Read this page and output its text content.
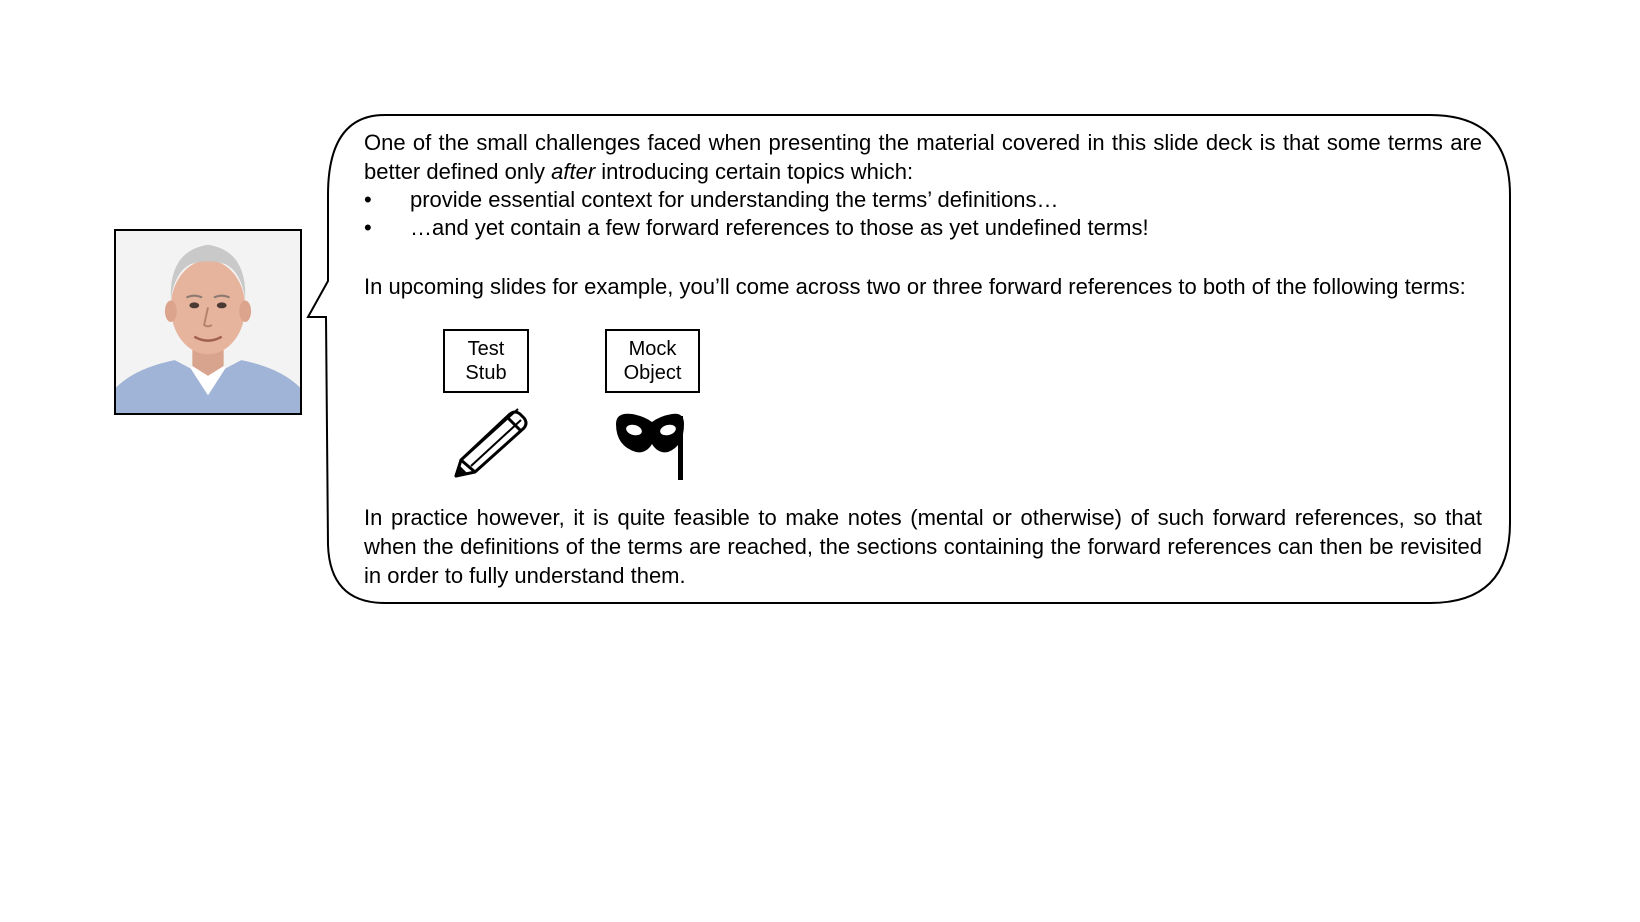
One of the small challenges faced when presenting the material covered in this slide deck is that some terms are better defined only after introducing certain topics which:

•	provide essential context for understanding the terms’ definitions…
•	…and yet contain a few forward references to those as yet undefined terms!

In upcoming slides for example, you’ll come across two or three forward references to both of the following terms:

Test
Stub
Mock
Object

In practice however, it is quite feasible to make notes (mental or otherwise) of such forward references, so that when the definitions of the terms are reached, the sections containing the forward references can then be revisited in order to fully understand them.
